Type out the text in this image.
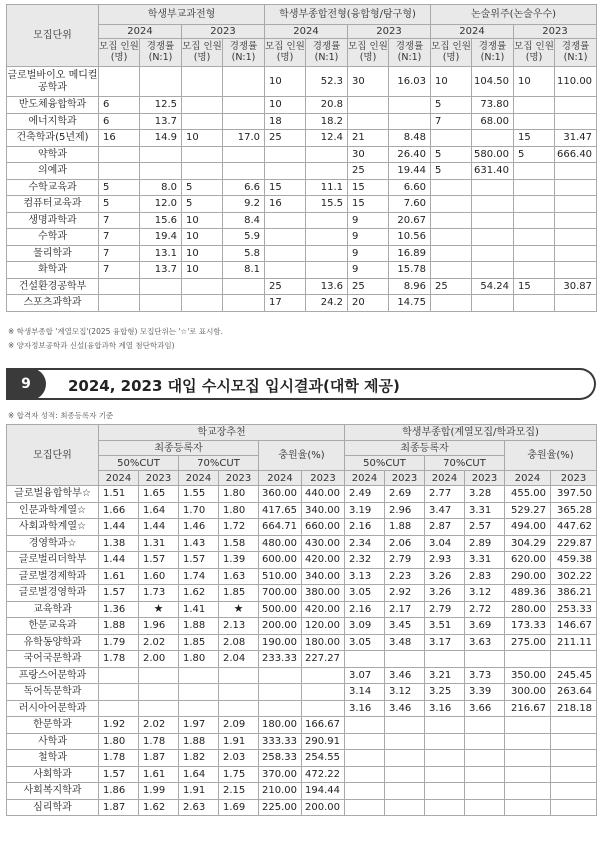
모집단위	학생부교과전형				학생부종합전형(융합형/탐구형)				논술위주(논술우수)			
	2024		2023		2024		2023		2024		2023	
	모집 인원(명)	경쟁률 (N:1)	모집 인원(명)	경쟁률 (N:1)	모집 인원(명)	경쟁률 (N:1)	모집 인원(명)	경쟁률 (N:1)	모집 인원(명)	경쟁률 (N:1)	모집 인원(명)	경쟁률 (N:1)
글로벌바이오 메디컬공학과					10	52.3	30	16.03	10	104.50	10	110.00
반도체융합학과	6	12.5			10	20.8			5	73.80		
에너지학과	6	13.7			18	18.2			7	68.00		
건축학과(5년제)	16	14.9	10	17.0	25	12.4	21	8.48			15	31.47
약학과							30	26.40	5	580.00	5	666.40
의예과							25	19.44	5	631.40		
수학교육과	5	8.0	5	6.6	15	11.1	15	6.60				
컴퓨터교육과	5	12.0	5	9.2	16	15.5	15	7.60				
생명과학과	7	15.6	10	8.4			9	20.67				
수학과	7	19.4	10	5.9			9	10.56				
물리학과	7	13.1	10	5.8			9	16.89				
화학과	7	13.7	10	8.1			9	15.78				
건설환경공학부					25	13.6	25	8.96	25	54.24	15	30.87
스포츠과학과					17	24.2	20	14.75				
※ 학생부종합 '계열모집'(2025 융합형) 모집단위는 '☆'로 표시함.
※ 양자정보공학과 신설(융합과학 계열 첨단학과임)
9	2024, 2023 대입 수시모집 입시결과(대학 제공)
※ 합격자 성적: 최종등록자 기준
모집단위	학교장추천						학생부종합(계열모집/학과모집)					
	최종등록자				충원율(%)		최종등록자				충원율(%)	
	50%CUT		70%CUT				50%CUT		70%CUT			
	2024	2023	2024	2023	2024	2023	2024	2023	2024	2023	2024	2023
글로벌융합학부☆	1.51	1.65	1.55	1.80	360.00	440.00	2.49	2.69	2.77	3.28	455.00	397.50
인문과학계열☆	1.66	1.64	1.70	1.80	417.65	340.00	3.19	2.96	3.47	3.31	529.27	365.28
사회과학계열☆	1.44	1.44	1.46	1.72	664.71	660.00	2.16	1.88	2.87	2.57	494.00	447.62
경영학과☆	1.38	1.31	1.43	1.58	480.00	430.00	2.34	2.06	3.04	2.89	304.29	229.87
글로벌리더학부	1.44	1.57	1.57	1.39	600.00	420.00	2.32	2.79	2.93	3.31	620.00	459.38
글로벌경제학과	1.61	1.60	1.74	1.63	510.00	340.00	3.13	2.23	3.26	2.83	290.00	302.22
글로벌경영학과	1.57	1.73	1.62	1.85	700.00	380.00	3.05	2.92	3.26	3.12	489.36	386.21
교육학과	1.36	★	1.41	★	500.00	420.00	2.16	2.17	2.79	2.72	280.00	253.33
한문교육과	1.88	1.96	1.88	2.13	200.00	120.00	3.09	3.45	3.51	3.69	173.33	146.67
유학동양학과	1.79	2.02	1.85	2.08	190.00	180.00	3.05	3.48	3.17	3.63	275.00	211.11
국어국문학과	1.78	2.00	1.80	2.04	233.33	227.27						
프랑스어문학과							3.07	3.46	3.21	3.73	350.00	245.45
독어독문학과							3.14	3.12	3.25	3.39	300.00	263.64
러시아어문학과							3.16	3.46	3.16	3.66	216.67	218.18
한문학과	1.92	2.02	1.97	2.09	180.00	166.67						
사학과	1.80	1.78	1.88	1.91	333.33	290.91						
철학과	1.78	1.87	1.82	2.03	258.33	254.55						
사회학과	1.57	1.61	1.64	1.75	370.00	472.22						
사회복지학과	1.86	1.99	1.91	2.15	210.00	194.44						
심리학과	1.87	1.62	2.63	1.69	225.00	200.00						
